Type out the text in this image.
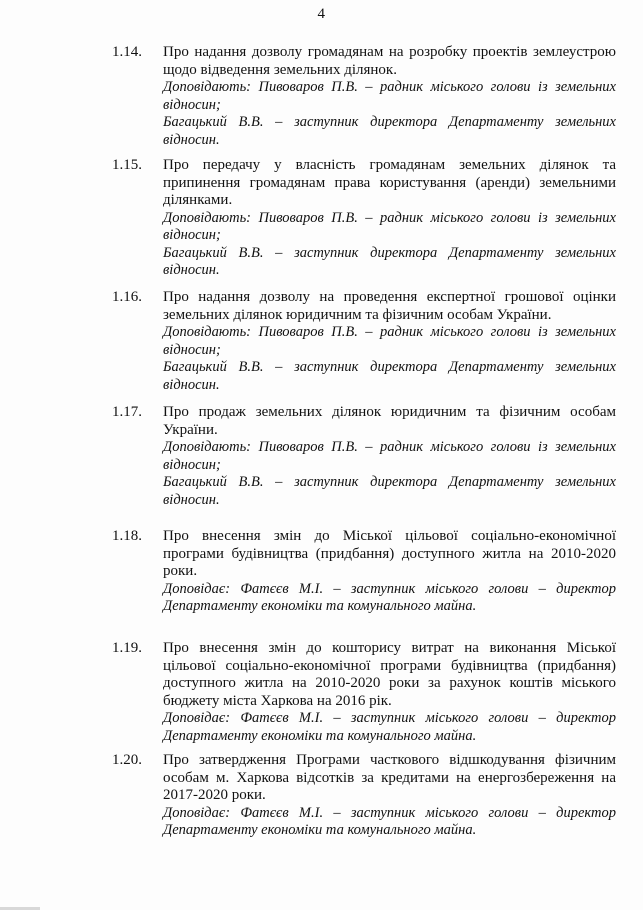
4
1.14. Про надання дозволу громадянам на розробку проектів землеустрою щодо відведення земельних ділянок.

Доповідають: Пивоваров П.В. – радник міського голови із земельних відносин;

Багацький В.В. – заступник директора Департаменту земельних відносин.

1.15. Про передачу у власність громадянам земельних ділянок та припинення громадянам права користування (аренди) земельними ділянками.

Доповідають: Пивоваров П.В. – радник міського голови із земельних відносин;

Багацький В.В. – заступник директора Департаменту земельних відносин.

1.16. Про надання дозволу на проведення експертної грошової оцінки земельних ділянок юридичним та фізичним особам України.

Доповідають: Пивоваров П.В. – радник міського голови із земельних відносин;

Багацький В.В. – заступник директора Департаменту земельних відносин.

1.17. Про продаж земельних ділянок юридичним та фізичним особам України.

Доповідають: Пивоваров П.В. – радник міського голови із земельних відносин;

Багацький В.В. – заступник директора Департаменту земельних відносин.

1.18. Про внесення змін до Міської цільової соціально-економічної програми будівництва (придбання) доступного житла на 2010-2020 роки.

Доповідає: Фатєєв М.І. – заступник міського голови – директор Департаменту економіки та комунального майна.

1.19. Про внесення змін до кошторису витрат на виконання Міської цільової соціально-економічної програми будівництва (придбання) доступного житла на 2010-2020 роки за рахунок коштів міського бюджету міста Харкова на 2016 рік.

Доповідає: Фатєєв М.І. – заступник міського голови – директор Департаменту економіки та комунального майна.

1.20. Про затвердження Програми часткового відшкодування фізичним особам м. Харкова відсотків за кредитами на енергозбереження на 2017-2020 роки.

Доповідає: Фатєєв М.І. – заступник міського голови – директор Департаменту економіки та комунального майна.
